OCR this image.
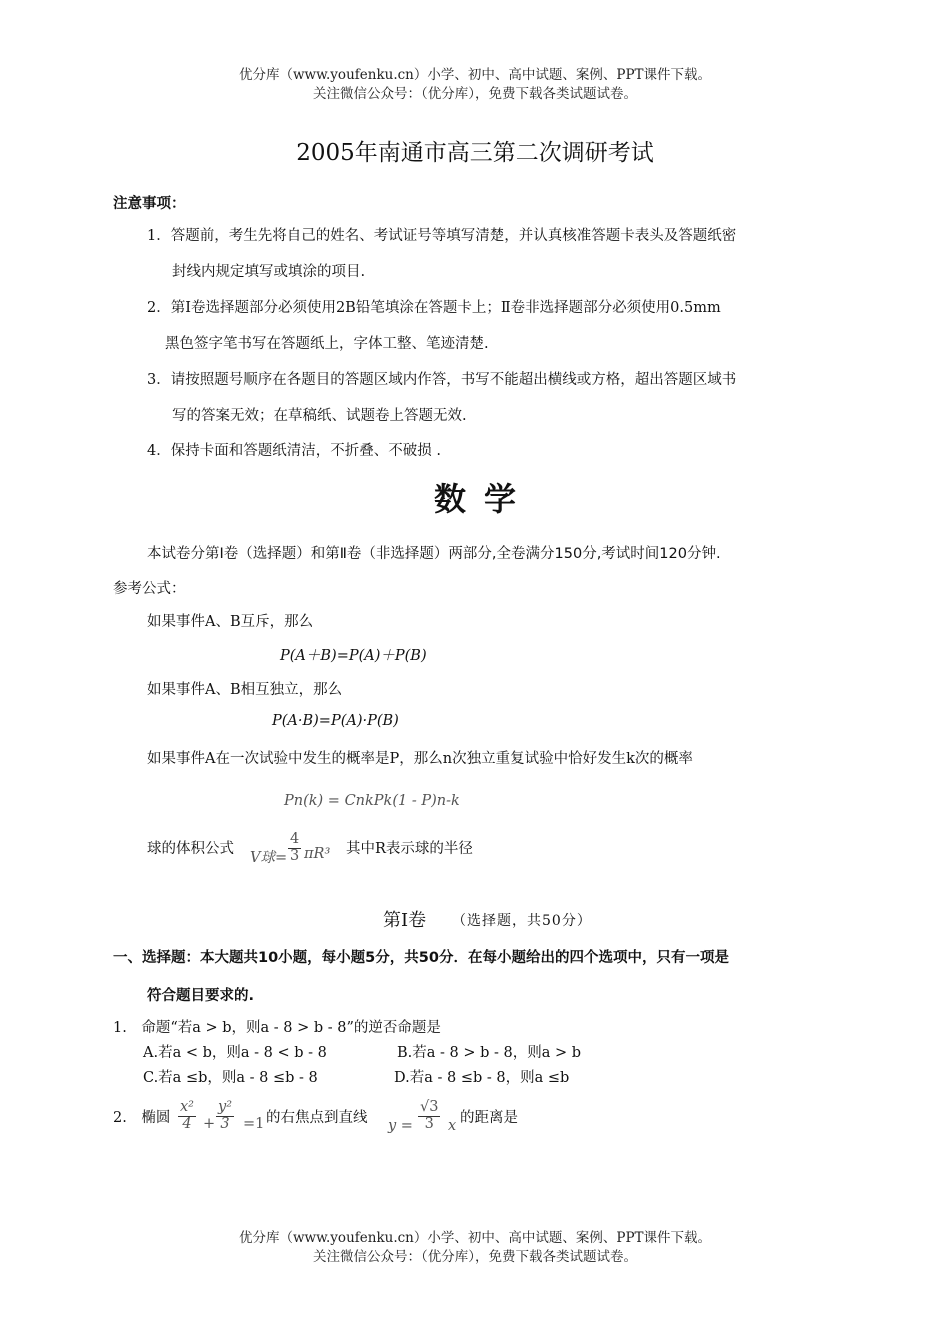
优分库（www.youfenku.cn）小学、初中、高中试题、案例、PPT课件下载。
关注微信公众号：（优分库），免费下载各类试题试卷。
2005年南通市高三第二次调研考试
注意事项：
1．答题前，考生先将自己的姓名、考试证号等填写清楚，并认真核准答题卡表头及答题纸密
封线内规定填写或填涂的项目.
2．第Ⅰ卷选择题部分必须使用2B铅笔填涂在答题卡上；Ⅱ卷非选择题部分必须使用0.5mm
黑色签字笔书写在答题纸上，字体工整、笔迹清楚.
3．请按照题号顺序在各题目的答题区域内作答，书写不能超出横线或方格，超出答题区域书
写的答案无效；在草稿纸、试题卷上答题无效.
4．保持卡面和答题纸清洁，不折叠、不破损 .
数学
本试卷分第Ⅰ卷（选择题）和第Ⅱ卷（非选择题）两部分,全卷满分150分,考试时间120分钟.
参考公式：
如果事件A、B互斥，那么
P(A＋B)=P(A)＋P(B)
如果事件A、B相互独立，那么
P(A·B)=P(A)·P(B)
如果事件A在一次试验中发生的概率是P，那么n次独立重复试验中恰好发生k次的概率
Pn(k) = CnkPk(1 - P)n-k
球的体积公式
V球= $\frac{4}{3} \pi R^3$ 其中R表示球的半径
第Ⅰ卷 （选择题，共50分）
一、选择题：本大题共10小题，每小题5分，共50分．在每小题给出的四个选项中，只有一项是
符合题目要求的.
1.　命题“若a > b，则a - 8 > b - 8”的逆否命题是
A.若a < b，则a - 8 < b - 8	B.若a - 8 > b - 8，则a > b
C.若a ≤b，则a - 8 ≤b - 8	D.若a - 8 ≤b - 8，则a ≤b
2.　椭圆 $\frac{\text{x²}}{4} + \frac{\text{y²}}{3} =1$ 的右焦点到直线 $y = \frac{√3}{3}$ x 的距离是
优分库（www.youfenku.cn）小学、初中、高中试题、案例、PPT课件下载。
关注微信公众号：（优分库），免费下载各类试题试卷。
